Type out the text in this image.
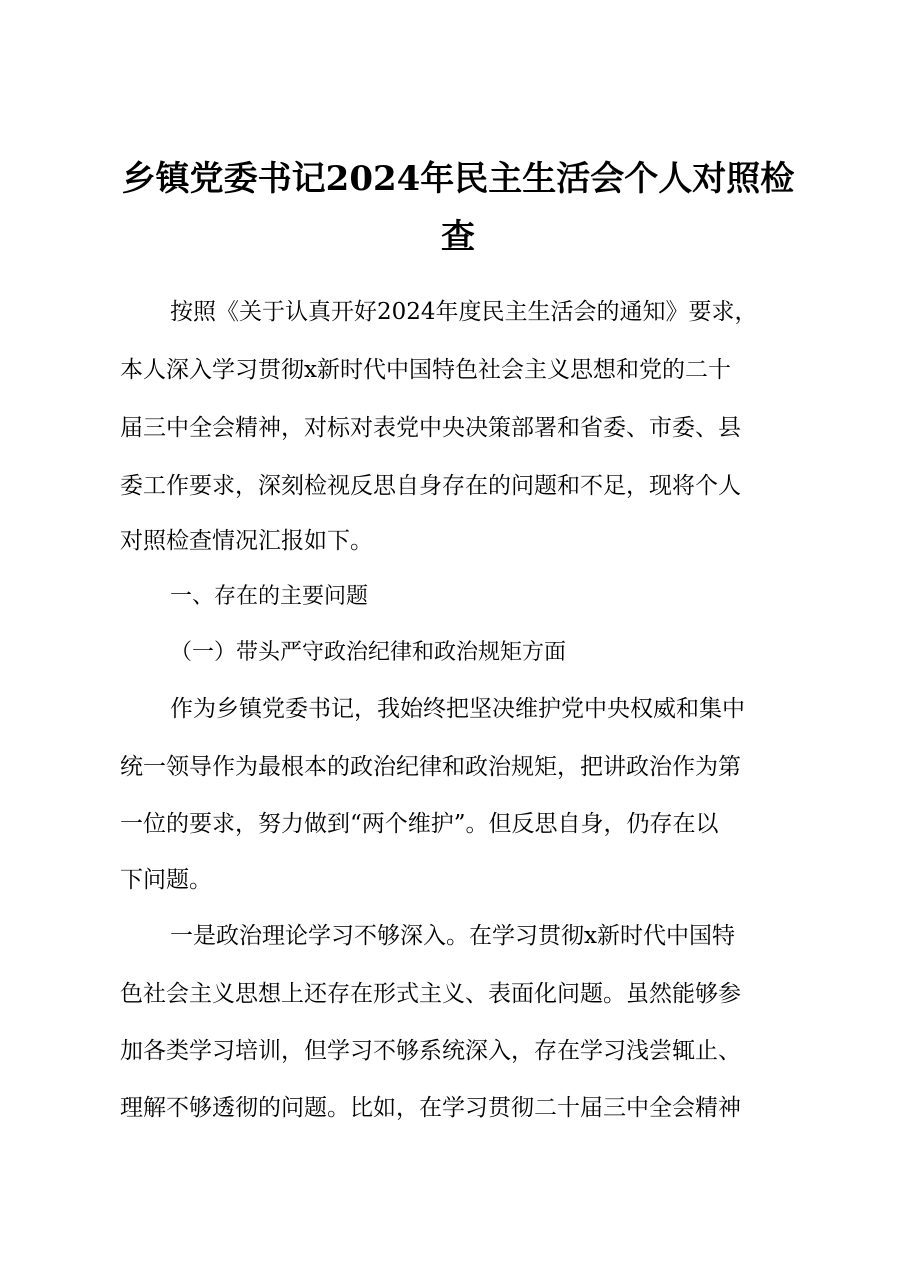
乡镇党委书记2024年民主生活会个人对照检查

按照《关于认真开好2024年度民主生活会的通知》要求，

本人深入学习贯彻x新时代中国特色社会主义思想和党的二十

届三中全会精神，对标对表党中央决策部署和省委、市委、县

委工作要求，深刻检视反思自身存在的问题和不足，现将个人

对照检查情况汇报如下。

一、存在的主要问题

（一）带头严守政治纪律和政治规矩方面

作为乡镇党委书记，我始终把坚决维护党中央权威和集中

统一领导作为最根本的政治纪律和政治规矩，把讲政治作为第

一位的要求，努力做到“两个维护”。但反思自身，仍存在以

下问题。

一是政治理论学习不够深入。在学习贯彻x新时代中国特

色社会主义思想上还存在形式主义、表面化问题。虽然能够参

加各类学习培训，但学习不够系统深入，存在学习浅尝辄止、

理解不够透彻的问题。比如，在学习贯彻二十届三中全会精神
